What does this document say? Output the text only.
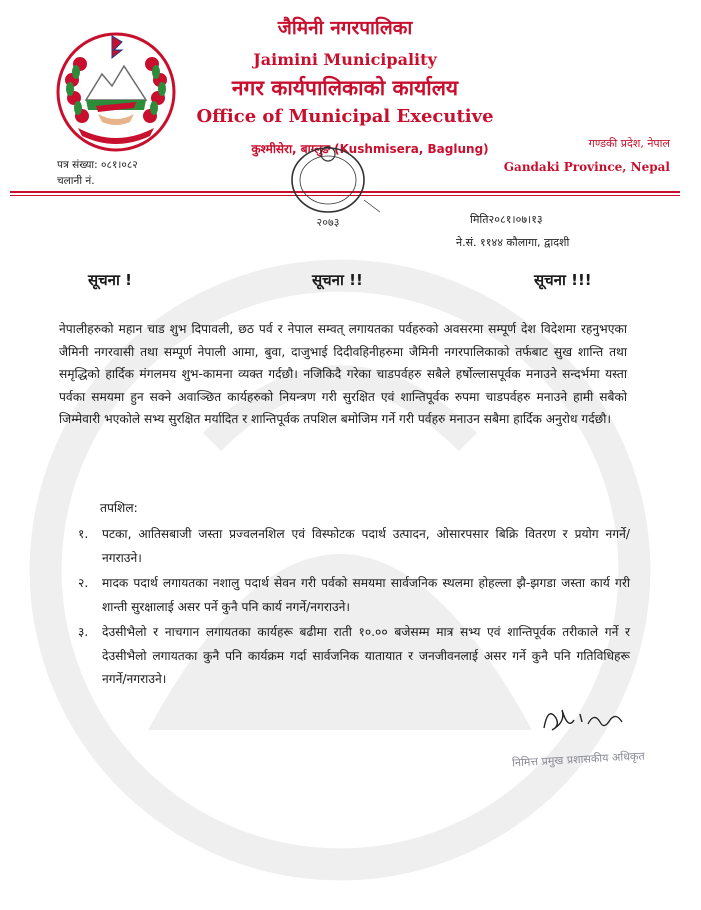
जैमिनी नगरपालिका
Jaimini Municipality
नगर कार्यपालिकाको कार्यालय
Office of Municipal Executive
कुश्मीसेरा, बाग्लुङ (Kushmisera, Baglung)	गण्डकी प्रदेश, नेपाल
Gandaki Province, Nepal
पत्र संख्या: ०८१।०८२
चलानी नं.
२०७३	मिति२०८१।०७।१३
ने.सं. ११४४ कौलागा, द्वादशी
सूचना !	सूचना !!	सूचना !!!
नेपालीहरुको महान चाड शुभ दिपावली, छठ पर्व र नेपाल सम्वत् लगायतका पर्वहरुको अवसरमा सम्पूर्ण देश विदेशमा रहनुभएका जैमिनी नगरवासी तथा सम्पूर्ण नेपाली आमा, बुवा, दाजुभाई दिदीवहिनीहरुमा जैमिनी नगरपालिकाको तर्फबाट सुख शान्ति तथा समृद्धिको हार्दिक मंगलमय शुभ-कामना व्यक्त गर्दछौ। नजिकिदै गरेका चाडपर्वहरु सबैले हर्षोल्लासपूर्वक मनाउने सन्दर्भमा यस्ता पर्वका समयमा हुन सक्ने अवाञ्छित कार्यहरुको नियन्त्रण गरी सुरक्षित एवं शान्तिपूर्वक रुपमा चाडपर्वहरु मनाउने हामी सबैको जिम्मेवारी भएकोले सभ्य सुरक्षित मर्यादित र शान्तिपूर्वक तपशिल बमोजिम गर्ने गरी पर्वहरु मनाउन सबैमा हार्दिक अनुरोध गर्दछौ।
तपशिल:
१.	पटका, आतिसबाजी जस्ता प्रज्वलनशिल एवं विस्फोटक पदार्थ उत्पादन, ओसारपसार बिक्रि वितरण र प्रयोग नगर्ने/नगराउने।
२.	मादक पदार्थ लगायतका नशालु पदार्थ सेवन गरी पर्वको समयमा सार्वजनिक स्थलमा होहल्ला झै-झगडा जस्ता कार्य गरी शान्ती सुरक्षालाई असर पर्ने कुनै पनि कार्य नगर्ने/नगराउने।
३.	देउसीभैलो र नाचगान लगायतका कार्यहरू बढीमा राती १०.०० बजेसम्म मात्र सभ्य एवं शान्तिपूर्वक तरीकाले गर्ने र देउसीभैलो लगायतका कुनै पनि कार्यक्रम गर्दा सार्वजनिक यातायात र जनजीवनलाई असर गर्ने कुनै पनि गतिविधिहरू नगर्ने/नगराउने।
निमित्त प्रमुख प्रशासकीय अधिकृत
